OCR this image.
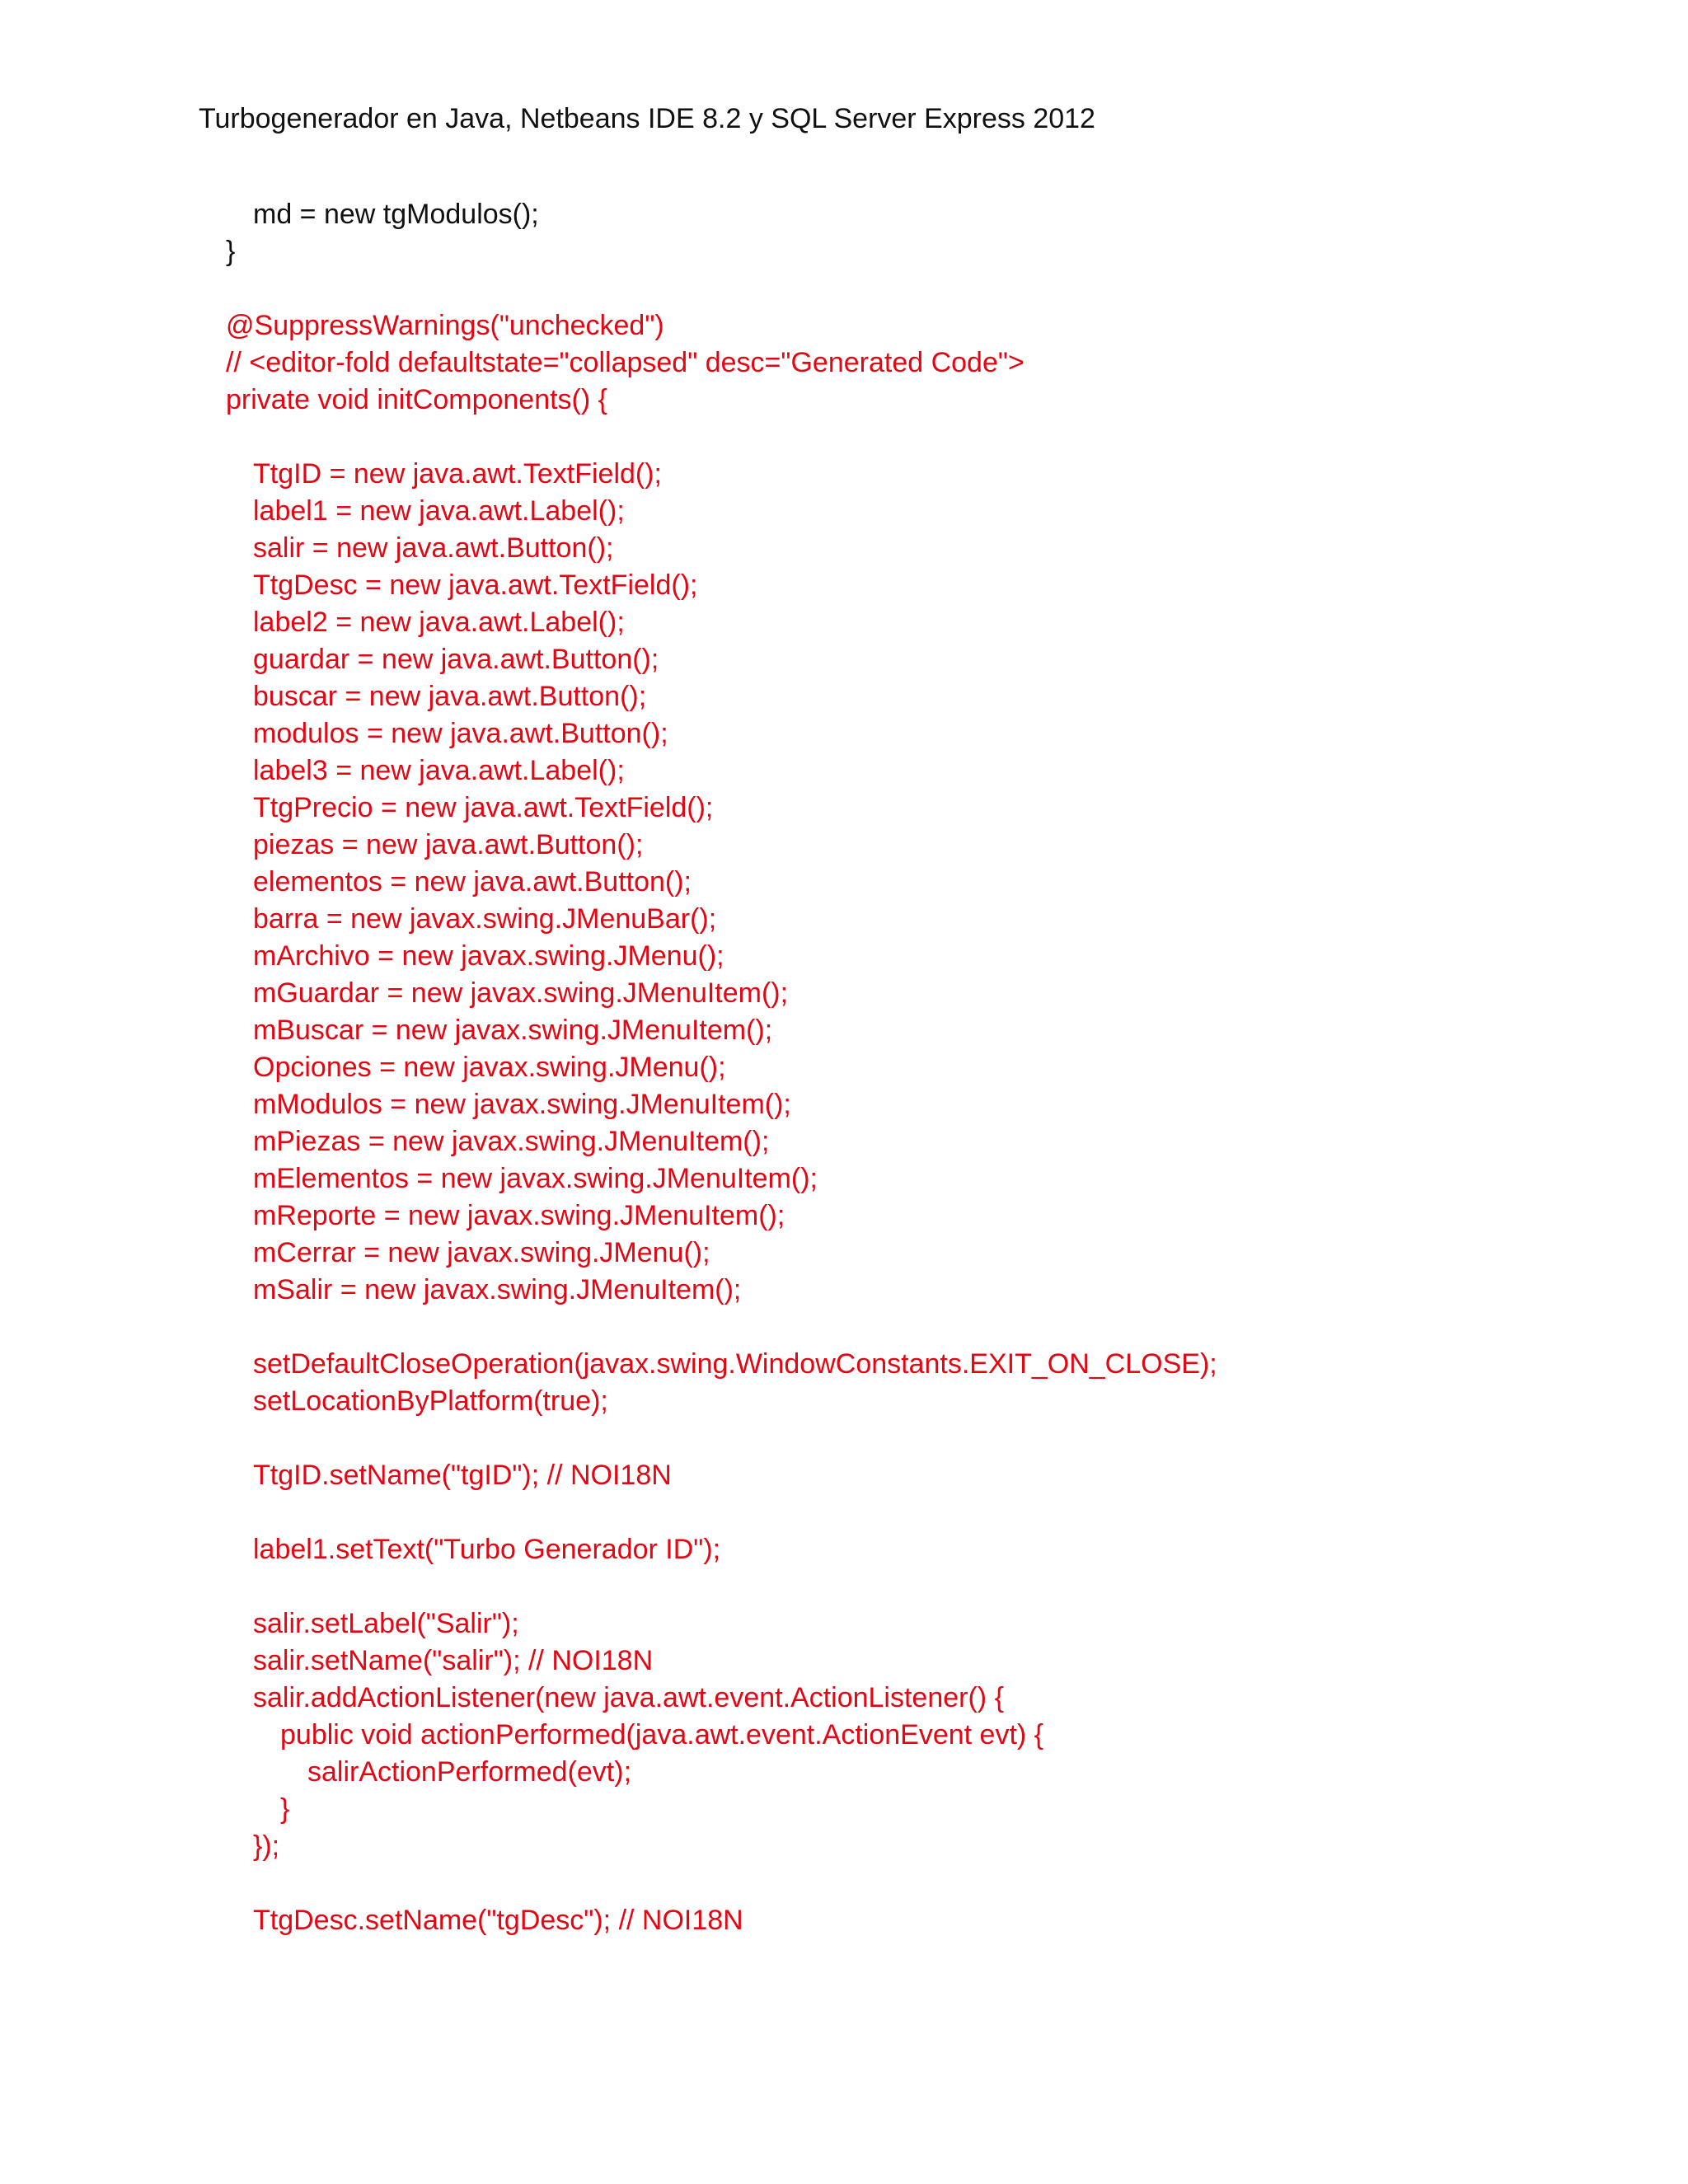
Turbogenerador en Java, Netbeans IDE 8.2 y SQL Server Express 2012
md = new tgModulos();
}
@SuppressWarnings("unchecked")
// <editor-fold defaultstate="collapsed" desc="Generated Code">
private void initComponents() {
TtgID = new java.awt.TextField();
label1 = new java.awt.Label();
salir = new java.awt.Button();
TtgDesc = new java.awt.TextField();
label2 = new java.awt.Label();
guardar = new java.awt.Button();
buscar = new java.awt.Button();
modulos = new java.awt.Button();
label3 = new java.awt.Label();
TtgPrecio = new java.awt.TextField();
piezas = new java.awt.Button();
elementos = new java.awt.Button();
barra = new javax.swing.JMenuBar();
mArchivo = new javax.swing.JMenu();
mGuardar = new javax.swing.JMenuItem();
mBuscar = new javax.swing.JMenuItem();
Opciones = new javax.swing.JMenu();
mModulos = new javax.swing.JMenuItem();
mPiezas = new javax.swing.JMenuItem();
mElementos = new javax.swing.JMenuItem();
mReporte = new javax.swing.JMenuItem();
mCerrar = new javax.swing.JMenu();
mSalir = new javax.swing.JMenuItem();
setDefaultCloseOperation(javax.swing.WindowConstants.EXIT_ON_CLOSE);
setLocationByPlatform(true);
TtgID.setName("tgID"); // NOI18N
label1.setText("Turbo Generador ID");
salir.setLabel("Salir");
salir.setName("salir"); // NOI18N
salir.addActionListener(new java.awt.event.ActionListener() {
public void actionPerformed(java.awt.event.ActionEvent evt) {
salirActionPerformed(evt);
}
});
TtgDesc.setName("tgDesc"); // NOI18N
